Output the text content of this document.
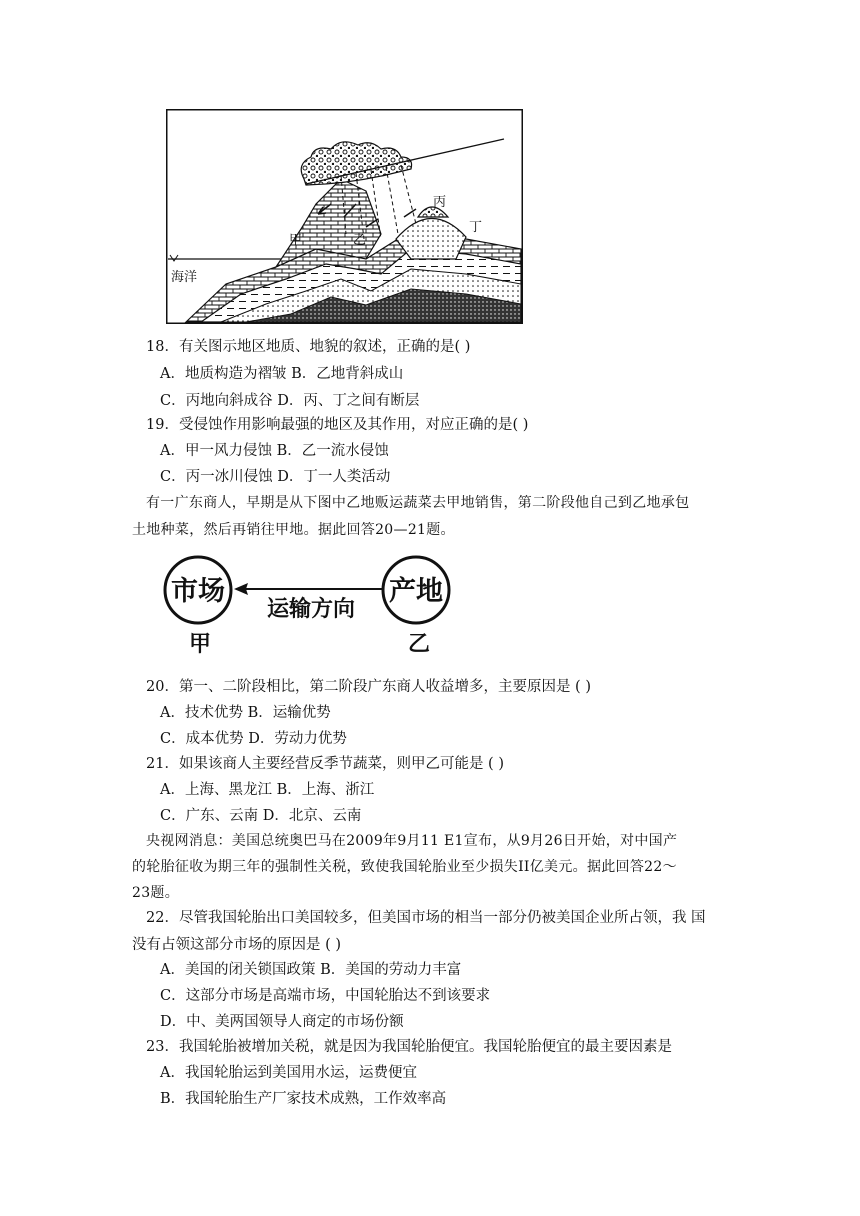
甲	乙
丙
丁
海洋
18．有关图示地区地质、地貌的叙述，正确的是( )
A．地质构造为褶皱 B．乙地背斜成山
C．丙地向斜成谷 D．丙、丁之间有断层
19．受侵蚀作用影响最强的地区及其作用，对应正确的是( )
A．甲一风力侵蚀 B．乙一流水侵蚀
C．丙一冰川侵蚀 D．丁一人类活动
有一广东商人，早期是从下图中乙地贩运蔬菜去甲地销售，第二阶段他自己到乙地承包
土地种菜，然后再销往甲地。据此回答20—21题。
市场	产地
运输方向
甲	乙
20．第一、二阶段相比，第二阶段广东商人收益增多，主要原因是 ( )
A．技术优势 B．运输优势
C．成本优势 D．劳动力优势
21．如果该商人主要经营反季节蔬菜，则甲乙可能是 ( )
A．上海、黑龙江 B．上海、浙江
C．广东、云南 D．北京、云南
央视网消息：美国总统奥巴马在2009年9月11 E1宣布，从9月26日开始，对中国产
的轮胎征收为期三年的强制性关税，致使我国轮胎业至少损失II亿美元。据此回答22～
23题。
22．尽管我国轮胎出口美国较多，但美国市场的相当一部分仍被美国企业所占领，我 国
没有占领这部分市场的原因是 ( )
A．美国的闭关锁国政策 B．美国的劳动力丰富
C．这部分市场是高端市场，中国轮胎达不到该要求
D．中、美两国领导人商定的市场份额
23．我国轮胎被增加关税，就是因为我国轮胎便宜。我国轮胎便宜的最主要因素是
A．我国轮胎运到美国用水运，运费便宜
B．我国轮胎生产厂家技术成熟，工作效率高
